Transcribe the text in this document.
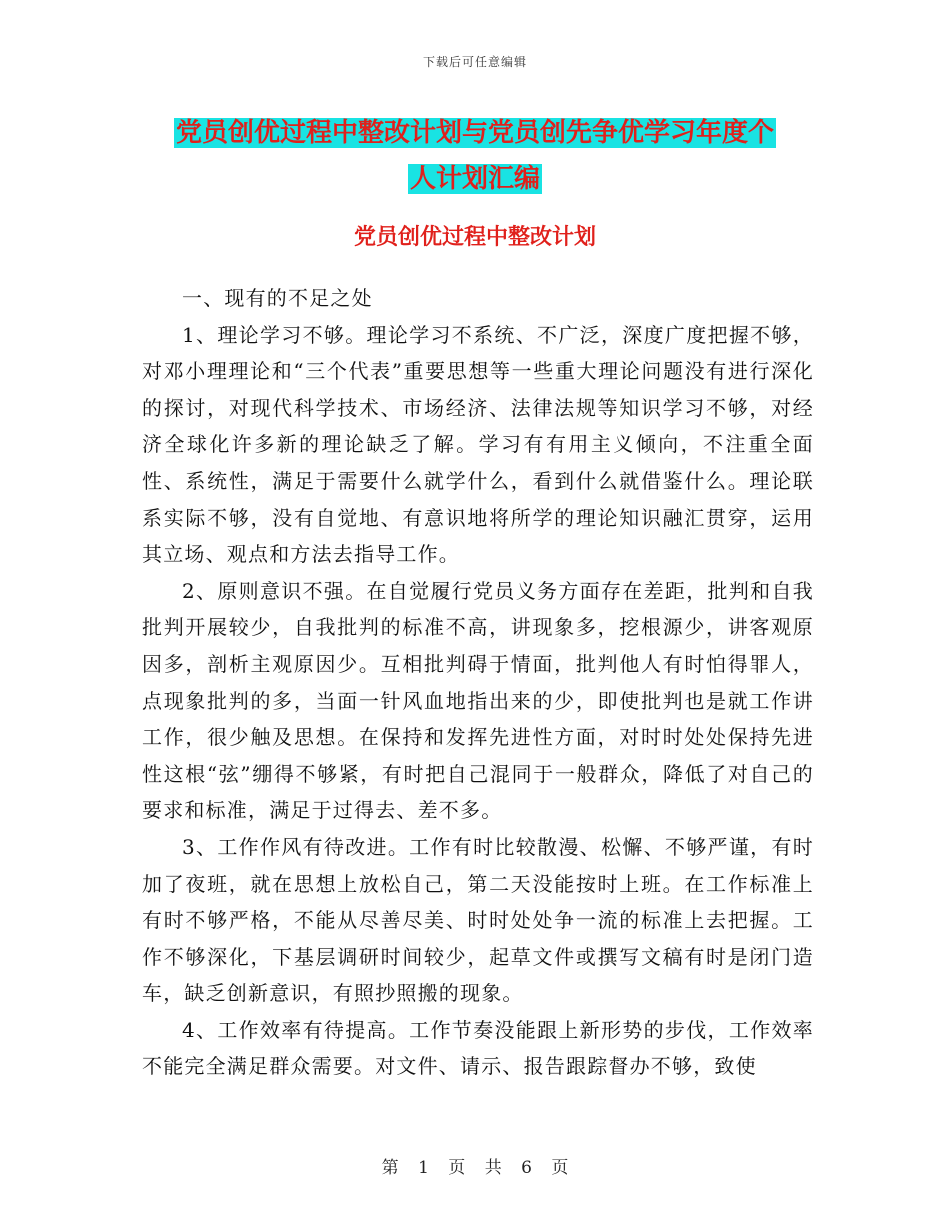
下载后可任意编辑
党员创优过程中整改计划与党员创先争优学习年度个
人计划汇编
党员创优过程中整改计划

一、现有的不足之处

1、理论学习不够。理论学习不系统、不广泛，深度广度把握不够，对邓小理理论和“三个代表”重要思想等一些重大理论问题没有进行深化的探讨，对现代科学技术、市场经济、法律法规等知识学习不够，对经济全球化许多新的理论缺乏了解。学习有有用主义倾向，不注重全面性、系统性，满足于需要什么就学什么，看到什么就借鉴什么。理论联系实际不够，没有自觉地、有意识地将所学的理论知识融汇贯穿，运用其立场、观点和方法去指导工作。

2、原则意识不强。在自觉履行党员义务方面存在差距，批判和自我批判开展较少，自我批判的标准不高，讲现象多，挖根源少，讲客观原因多，剖析主观原因少。互相批判碍于情面，批判他人有时怕得罪人，点现象批判的多，当面一针风血地指出来的少，即使批判也是就工作讲工作，很少触及思想。在保持和发挥先进性方面，对时时处处保持先进性这根“弦”绷得不够紧，有时把自己混同于一般群众，降低了对自己的要求和标准，满足于过得去、差不多。

3、工作作风有待改进。工作有时比较散漫、松懈、不够严谨，有时加了夜班，就在思想上放松自己，第二天没能按时上班。在工作标准上有时不够严格，不能从尽善尽美、时时处处争一流的标准上去把握。工作不够深化，下基层调研时间较少，起草文件或撰写文稿有时是闭门造车，缺乏创新意识，有照抄照搬的现象。

4、工作效率有待提高。工作节奏没能跟上新形势的步伐，工作效率不能完全满足群众需要。对文件、请示、报告跟踪督办不够，致使

第 1 页 共 6 页
